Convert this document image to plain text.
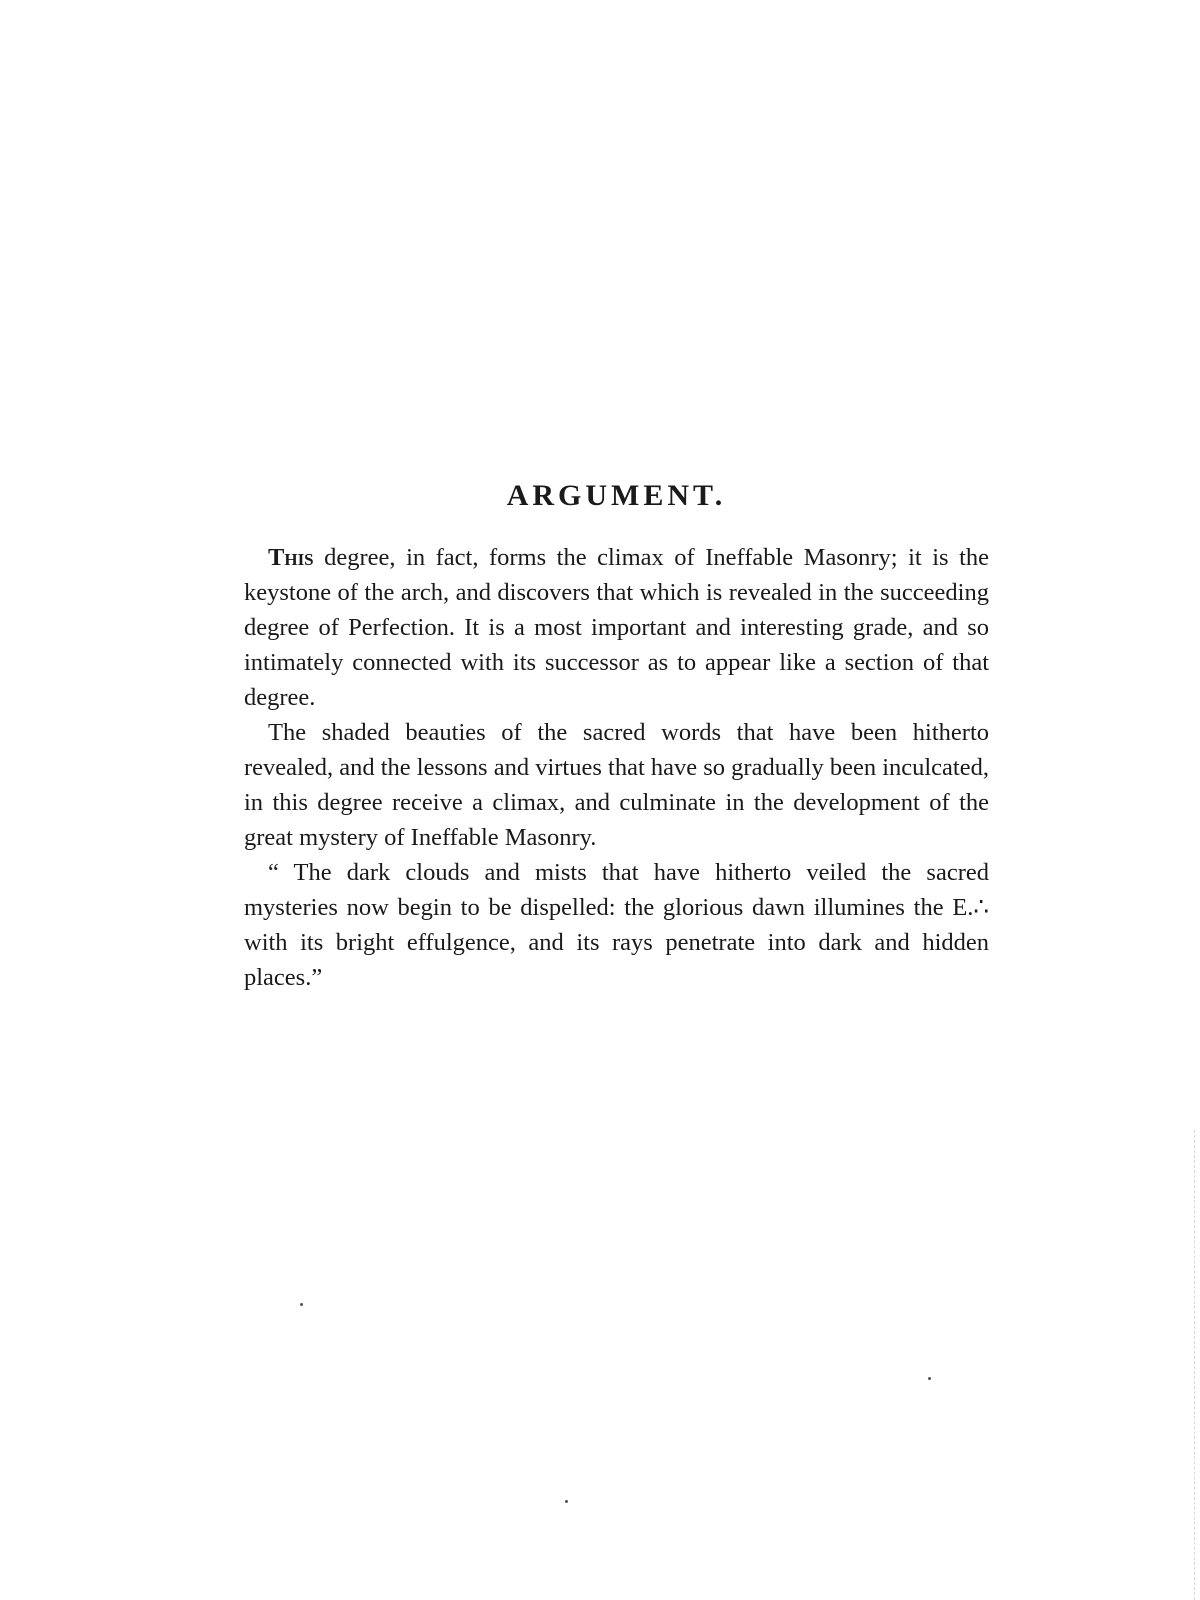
ARGUMENT.

This degree, in fact, forms the climax of Ineffable Masonry; it is the keystone of the arch, and discovers that which is revealed in the succeeding degree of Perfection. It is a most important and interesting grade, and so intimately connected with its successor as to appear like a section of that degree.

The shaded beauties of the sacred words that have been hitherto revealed, and the lessons and virtues that have so gradually been inculcated, in this degree receive a climax, and culminate in the development of the great mystery of Ineffable Masonry.

“ The dark clouds and mists that have hitherto veiled the sacred mysteries now begin to be dispelled: the glorious dawn illumines the E.∴ with its bright effulgence, and its rays penetrate into dark and hidden places.”
